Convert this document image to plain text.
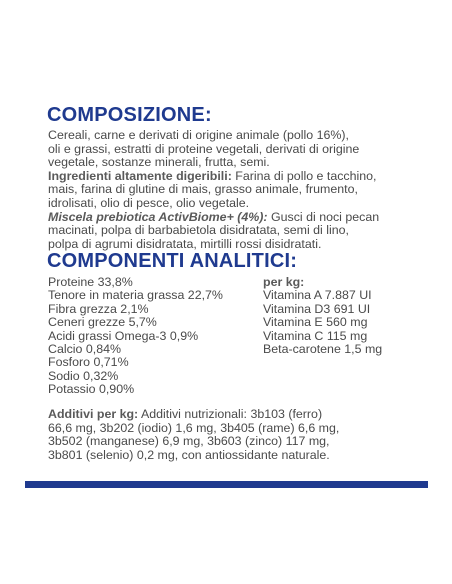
COMPOSIZIONE:

Cereali, carne e derivati di origine animale (pollo 16%),
oli e grassi, estratti di proteine vegetali, derivati di origine
vegetale, sostanze minerali, frutta, semi.
Ingredienti altamente digeribili: Farina di pollo e tacchino,
mais, farina di glutine di mais, grasso animale, frumento,
idrolisati, olio di pesce, olio vegetale.
Miscela prebiotica ActivBiome+ (4%): Gusci di noci pecan
macinati, polpa di barbabietola disidratata, semi di lino,
polpa di agrumi disidratata, mirtilli rossi disidratati.

COMPONENTI ANALITICI:
Proteine 33,8%
Tenore in materia grassa 22,7%
Fibra grezza 2,1%
Ceneri grezze 5,7%
Acidi grassi Omega-3 0,9%
Calcio 0,84%
Fosforo 0,71%
Sodio 0,32%
Potassio 0,90%
per kg:
Vitamina A 7.887 UI
Vitamina D3 691 UI
Vitamina E 560 mg
Vitamina C 115 mg
Beta-carotene 1,5 mg

Additivi per kg: Additivi nutrizionali: 3b103 (ferro)
66,6 mg, 3b202 (iodio) 1,6 mg, 3b405 (rame) 6,6 mg,
3b502 (manganese) 6,9 mg, 3b603 (zinco) 117 mg,
3b801 (selenio) 0,2 mg, con antiossidante naturale.
